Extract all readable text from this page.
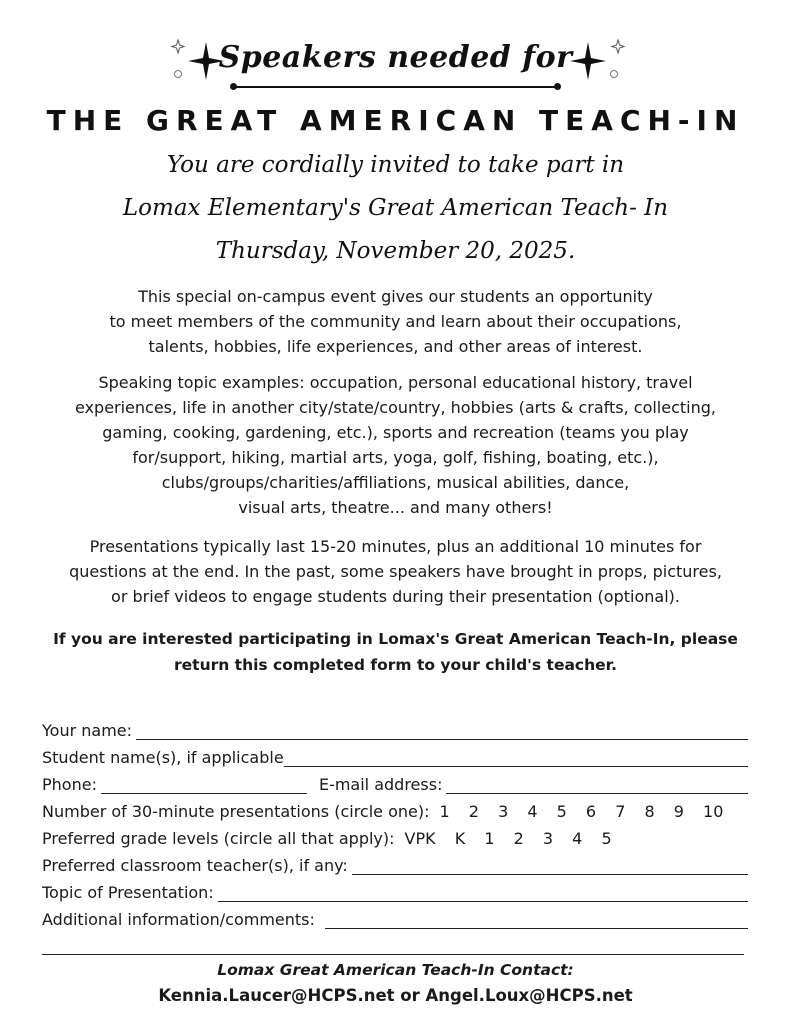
Speakers needed for
THE GREAT AMERICAN TEACH-IN
You are cordially invited to take part in
Lomax Elementary's Great American Teach- In
Thursday, November 20, 2025.
This special on-campus event gives our students an opportunity
to meet members of the community and learn about their occupations,
talents, hobbies, life experiences, and other areas of interest.
Speaking topic examples: occupation, personal educational history, travel
experiences, life in another city/state/country, hobbies (arts & crafts, collecting,
gaming, cooking, gardening, etc.), sports and recreation (teams you play
for/support, hiking, martial arts, yoga, golf, fishing, boating, etc.),
clubs/groups/charities/affiliations, musical abilities, dance,
visual arts, theatre... and many others!
Presentations typically last 15-20 minutes, plus an additional 10 minutes for
questions at the end. In the past, some speakers have brought in props, pictures,
or brief videos to engage students during their presentation (optional).
If you are interested participating in Lomax's Great American Teach-In, please
return this completed form to your child's teacher.
Your name:
Student name(s), if applicable
Phone:	E-mail address:
Number of 30-minute presentations (circle one): 1 2 3 4 5 6 7 8 9 10
Preferred grade levels (circle all that apply): VPK K 1 2 3 4 5
Preferred classroom teacher(s), if any:
Topic of Presentation:
Additional information/comments:
Lomax Great American Teach-In Contact:
Kennia.Laucer@HCPS.net or Angel.Loux@HCPS.net
